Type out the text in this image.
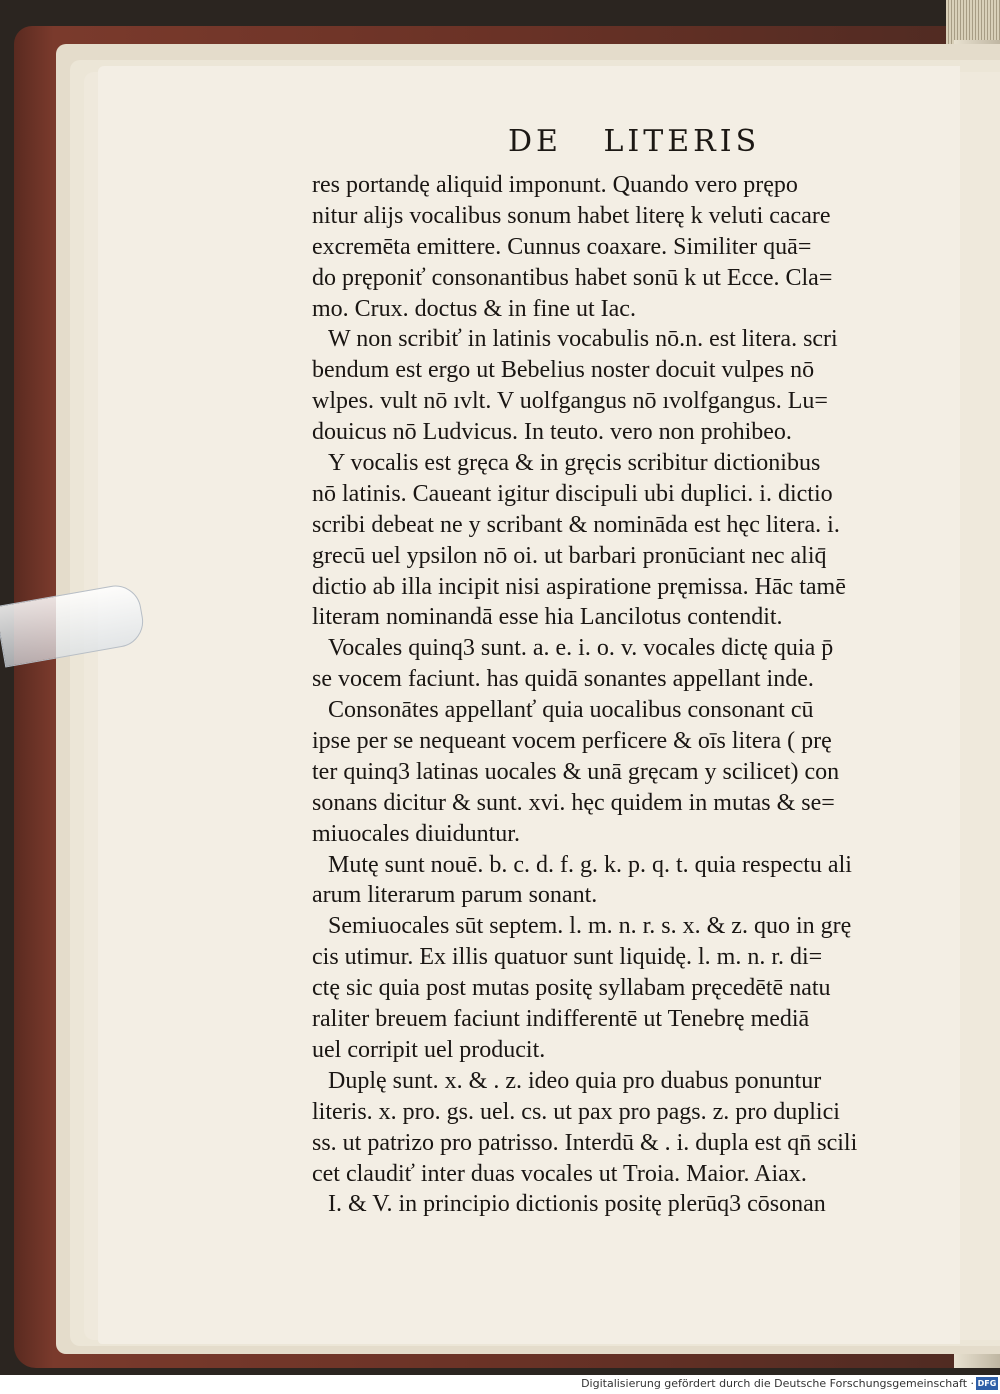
DE LITERIS
res portandę aliquid imponunt. Quando vero prępo
nitur alijs vocalibus sonum habet literę k veluti cacare
excremēta emittere. Cunnus coaxare. Similiter quā=
do pręponiť consonantibus habet sonū k ut Ecce. Cla=
mo. Crux. doctus & in fine ut Iac.
W non scribiť in latinis vocabulis nō.n. est litera. scri
bendum est ergo ut Bebelius noster docuit vulpes nō
wlpes. vult nō ıvlt. V uolfgangus nō ıvolfgangus. Lu=
douicus nō Ludvicus. In teuto. vero non prohibeo.
Y vocalis est gręca & in gręcis scribitur dictionibus
nō latinis. Caueant igitur discipuli ubi duplici. i. dictio
scribi debeat ne y scribant & nomināda est hęc litera. i.
grecū uel ypsilon nō oi. ut barbari pronūciant nec aliq̄
dictio ab illa incipit nisi aspiratione pręmissa. Hāc tamē
literam nominandā esse hia Lancilotus contendit.
Vocales quinq3 sunt. a. e. i. o. v. vocales dictę quia p̄
se vocem faciunt. has quidā sonantes appellant inde.
Consonātes appellanť quia uocalibus consonant cū
ipse per se nequeant vocem perficere & oīs litera ( prę
ter quinq3 latinas uocales & unā gręcam y scilicet) con
sonans dicitur & sunt. xvi. hęc quidem in mutas & se=
miuocales diuiduntur.
Mutę sunt nouē. b. c. d. f. g. k. p. q. t. quia respectu ali
arum literarum parum sonant.
Semiuocales sūt septem. l. m. n. r. s. x. & z. quo in grę
cis utimur. Ex illis quatuor sunt liquidę. l. m. n. r. di=
ctę sic quia post mutas positę syllabam pręcedētē natu
raliter breuem faciunt indifferentē ut Tenebrę mediā
uel corripit uel producit.
Duplę sunt. x. & . z. ideo quia pro duabus ponuntur
literis. x. pro. gs. uel. cs. ut pax pro pags. z. pro duplici
ss. ut patrizo pro patrisso. Interdū & . i. dupla est qn̄ scili
cet claudiť inter duas vocales ut Troia. Maior. Aiax.
I. & V. in principio dictionis positę plerūq3 cōsonan
Digitalisierung gefördert durch die Deutsche Forschungsgemeinschaft · DFG
